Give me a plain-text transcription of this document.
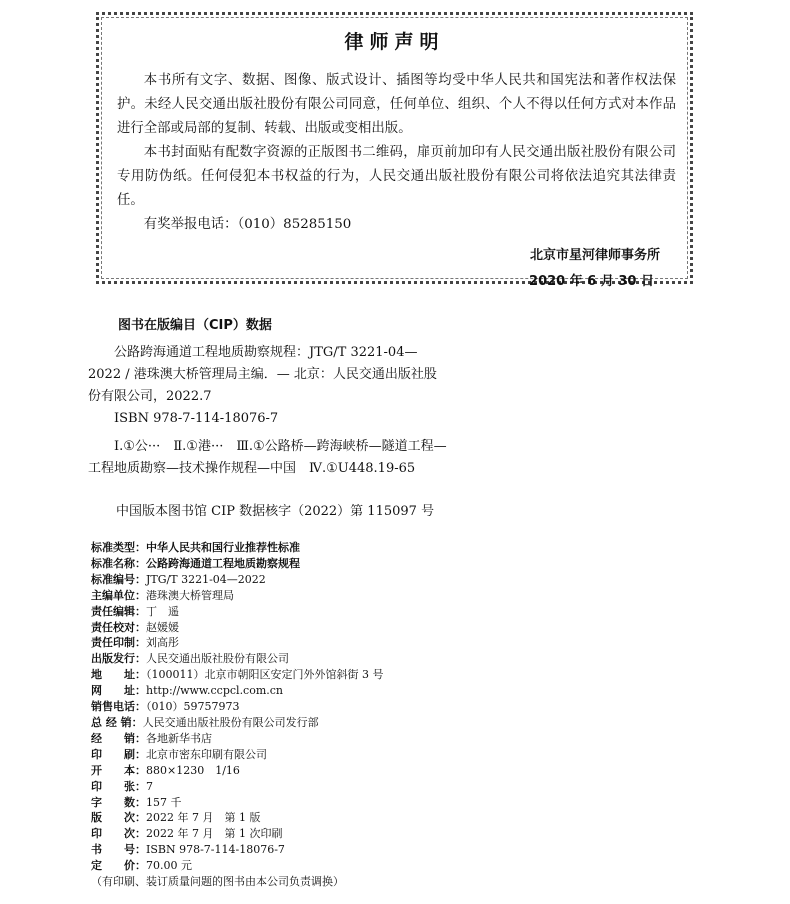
律师声明

本书所有文字、数据、图像、版式设计、插图等均受中华人民共和国宪法和著作权法保护。未经人民交通出版社股份有限公司同意，任何单位、组织、个人不得以任何方式对本作品进行全部或局部的复制、转载、出版或变相出版。

本书封面贴有配数字资源的正版图书二维码，扉页前加印有人民交通出版社股份有限公司专用防伪纸。任何侵犯本书权益的行为，人民交通出版社股份有限公司将依法追究其法律责任。

有奖举报电话：（010）85285150

北京市星河律师事务所
2020 年 6 月 30 日
图书在版编目（CIP）数据

公路跨海通道工程地质勘察规程：JTG/T 3221-04—2022 / 港珠澳大桥管理局主编．— 北京：人民交通出版社股份有限公司，2022.7

ISBN 978-7-114-18076-7

Ⅰ.①公···　Ⅱ.①港···　Ⅲ.①公路桥—跨海峡桥—隧道工程—工程地质勘察—技术操作规程—中国　Ⅳ.①U448.19-65

中国版本图书馆 CIP 数据核字（2022）第 115097 号
标准类型：中华人民共和国行业推荐性标准
标准名称：公路跨海通道工程地质勘察规程
标准编号：JTG/T 3221-04—2022
主编单位：港珠澳大桥管理局
责任编辑：丁　遥
责任校对：赵媛媛
责任印制：刘高彤
出版发行：人民交通出版社股份有限公司
地　　址：（100011）北京市朝阳区安定门外外馆斜街 3 号
网　　址：http://www.ccpcl.com.cn
销售电话：（010）59757973
总 经 销：人民交通出版社股份有限公司发行部
经　　销：各地新华书店
印　　刷：北京市密东印刷有限公司
开　　本：880×1230　1/16
印　　张：7
字　　数：157 千
版　　次：2022 年 7 月　第 1 版
印　　次：2022 年 7 月　第 1 次印刷
书　　号：ISBN 978-7-114-18076-7
定　　价：70.00 元
（有印刷、装订质量问题的图书由本公司负责调换）
